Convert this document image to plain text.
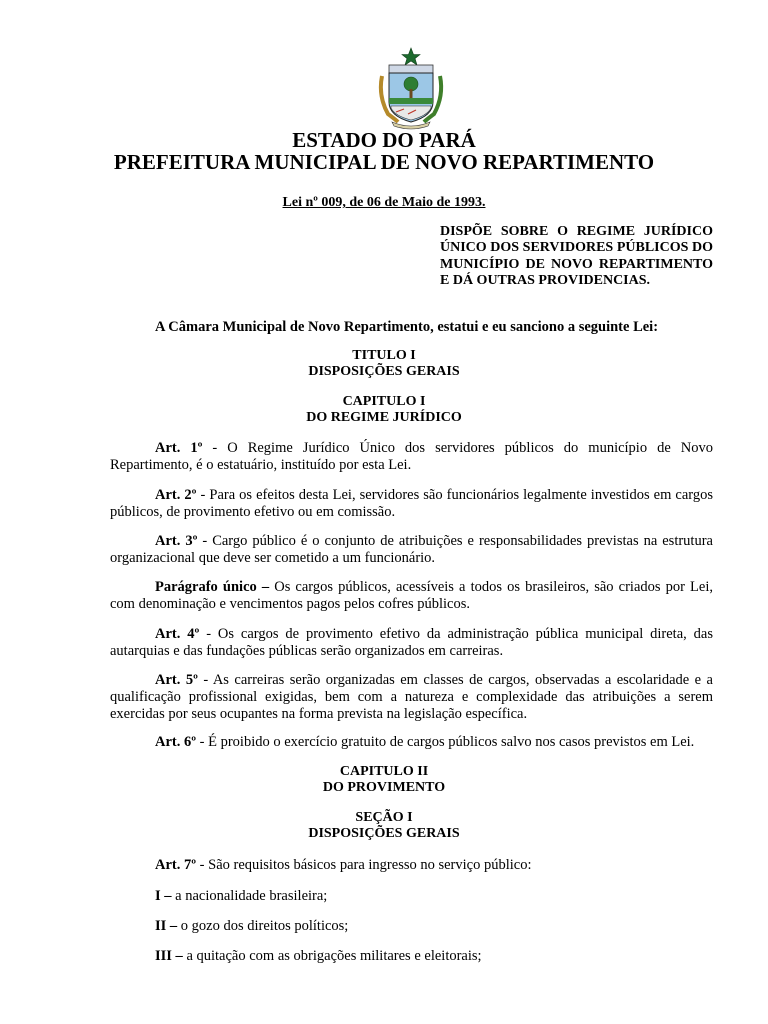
ESTADO DO PARÁ
PREFEITURA MUNICIPAL DE NOVO REPARTIMENTO
Lei nº 009, de 06 de Maio de 1993.
DISPÕE SOBRE O REGIME JURÍDICO ÚNICO DOS SERVIDORES PÚBLICOS DO MUNICÍPIO DE NOVO REPARTIMENTO E DÁ OUTRAS PROVIDENCIAS.
A Câmara Municipal de Novo Repartimento, estatui e eu sanciono a seguinte Lei:
TITULO I
DISPOSIÇÕES GERAIS
CAPITULO I
DO REGIME JURÍDICO
Art. 1º - O Regime Jurídico Único dos servidores públicos do município de Novo Repartimento, é o estatuário, instituído por esta Lei.
Art. 2º - Para os efeitos desta Lei, servidores são funcionários legalmente investidos em cargos públicos, de provimento efetivo ou em comissão.
Art. 3º - Cargo público é o conjunto de atribuições e responsabilidades previstas na estrutura organizacional que deve ser cometido a um funcionário.
Parágrafo único – Os cargos públicos, acessíveis a todos os brasileiros, são criados por Lei, com denominação e vencimentos pagos pelos cofres públicos.
Art. 4º - Os cargos de provimento efetivo da administração pública municipal direta, das autarquias e das fundações públicas serão organizados em carreiras.
Art. 5º - As carreiras serão organizadas em classes de cargos, observadas a escolaridade e a qualificação profissional exigidas, bem com a natureza e complexidade das atribuições a serem exercidas por seus ocupantes na forma prevista na legislação específica.
Art. 6º - É proibido o exercício gratuito de cargos públicos salvo nos casos previstos em Lei.
CAPITULO II
DO PROVIMENTO
SEÇÃO I
DISPOSIÇÕES GERAIS
Art. 7º - São requisitos básicos para ingresso no serviço público:
I – a nacionalidade brasileira;
II – o gozo dos direitos políticos;
III – a quitação com as obrigações militares e eleitorais;
